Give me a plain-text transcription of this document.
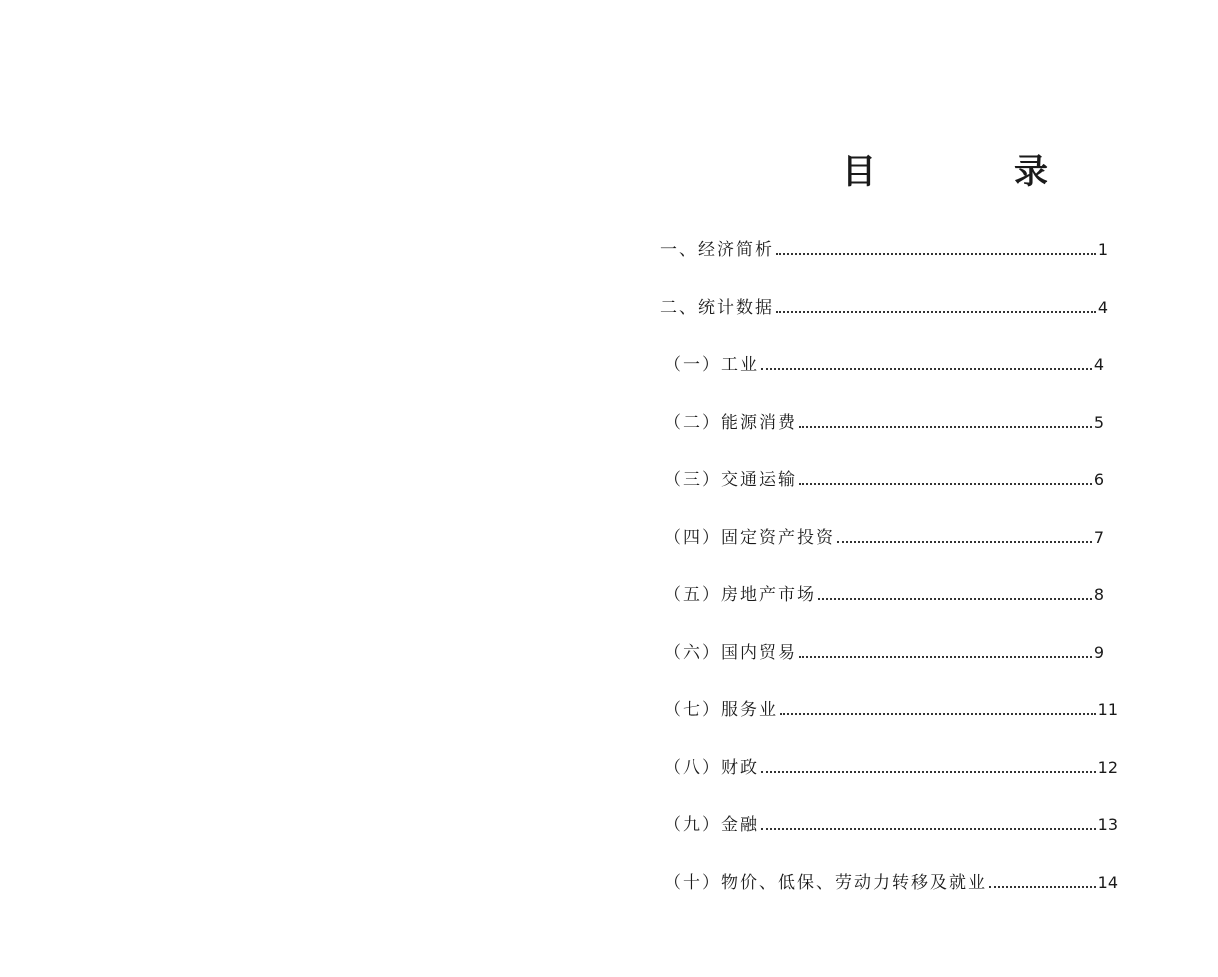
目　录
一、经济简析	1
二、统计数据	4
（一）工业	4
（二）能源消费	5
（三）交通运输	6
（四）固定资产投资	7
（五）房地产市场	8
（六）国内贸易	9
（七）服务业	11
（八）财政	12
（九）金融	13
（十）物价、低保、劳动力转移及就业	14
